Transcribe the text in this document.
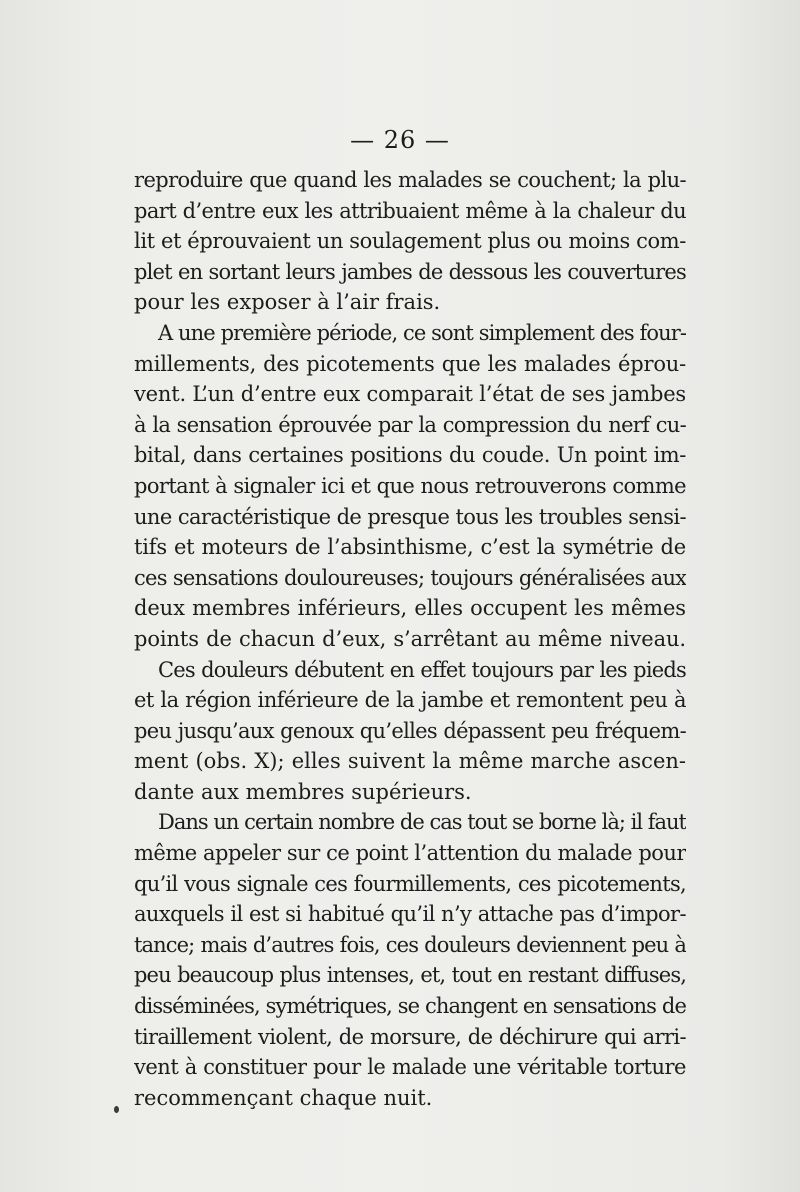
— 26 —

reproduire que quand les malades se couchent; la plu-
part d’entre eux les attribuaient même à la chaleur du
lit et éprouvaient un soulagement plus ou moins com-
plet en sortant leurs jambes de dessous les couvertures
pour les exposer à l’air frais.

A une première période, ce sont simplement des four-
millements, des picotements que les malades éprou-
vent. L’un d’entre eux comparait l’état de ses jambes
à la sensation éprouvée par la compression du nerf cu-
bital, dans certaines positions du coude. Un point im-
portant à signaler ici et que nous retrouverons comme
une caractéristique de presque tous les troubles sensi-
tifs et moteurs de l’absinthisme, c’est la symétrie de
ces sensations douloureuses; toujours généralisées aux
deux membres inférieurs, elles occupent les mêmes
points de chacun d’eux, s’arrêtant au même niveau.

Ces douleurs débutent en effet toujours par les pieds
et la région inférieure de la jambe et remontent peu à
peu jusqu’aux genoux qu’elles dépassent peu fréquem-
ment (obs. X); elles suivent la même marche ascen-
dante aux membres supérieurs.

Dans un certain nombre de cas tout se borne là; il faut
même appeler sur ce point l’attention du malade pour
qu’il vous signale ces fourmillements, ces picotements,
auxquels il est si habitué qu’il n’y attache pas d’impor-
tance; mais d’autres fois, ces douleurs deviennent peu à
peu beaucoup plus intenses, et, tout en restant diffuses,
disséminées, symétriques, se changent en sensations de
tiraillement violent, de morsure, de déchirure qui arri-
vent à constituer pour le malade une véritable torture
recommençant chaque nuit.
